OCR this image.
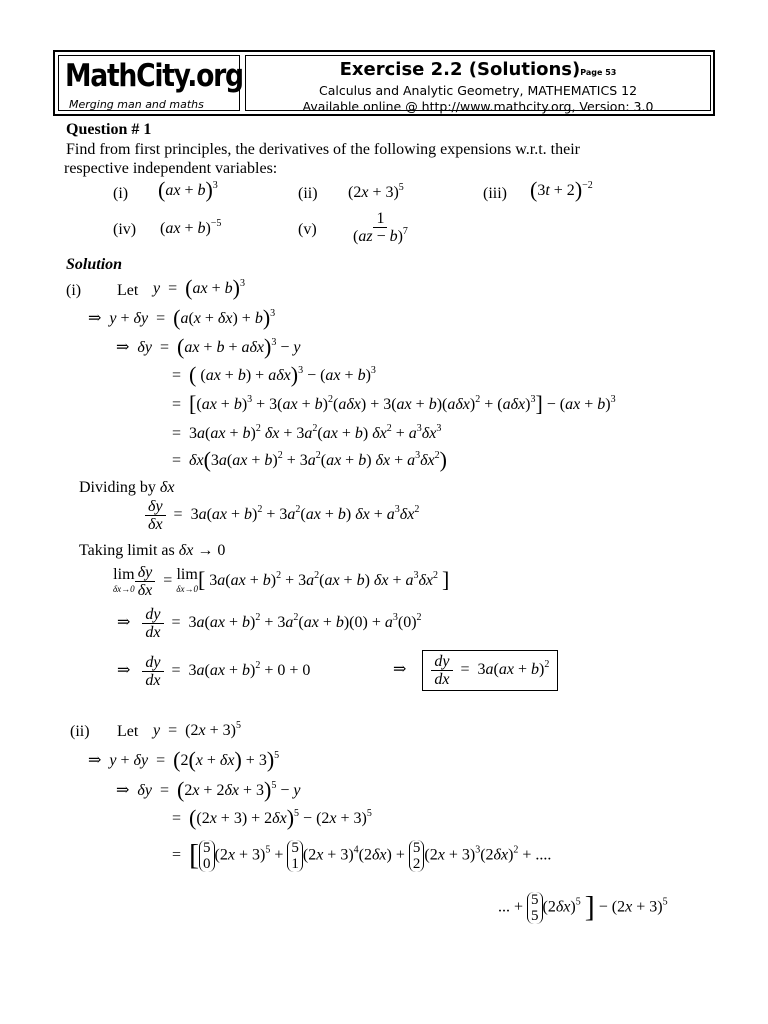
MathCity.org
Merging man and maths
Exercise 2.2 (Solutions)Page 53
Calculus and Analytic Geometry, MATHEMATICS 12
Available online @ http://www.mathcity.org, Version: 3.0
Question # 1
Find from first principles, the derivatives of the following expensions w.r.t. their
respective independent variables:
(i) (ax + b)$^3$	(ii) $(2x + 3)^5$	(iii) $(3t + 2)^{-2}$
(iv) (ax + b)$^{-5}$	$(v) \frac{1}{(az - b)^7}$
Solution
(i) Let y  =  (ax + b)$^3$
⇒  $y + \delta y = (a(x + \delta x) + b)^3$
⇒  δy  =  (ax + b + aδx)$^3$ − y
=  ( (ax + b) + aδx)$^3$ − (ax + b)$^3$
=  $[(ax + b)^3 + 3(ax + b)^2(a\delta x) + 3(ax + b)(a\delta x)^2 + (a\delta x)^3] - (ax + b)^3$
=  3a(ax + b)$^2$ $\delta x + 3a^2(ax + b) \delta x^2 + a^3\delta x^3$
=  $\delta x(3a(ax + b)^2 + 3a^2(ax + b) \delta x + a^3\delta x^2)$
Dividing by δx
$\frac{\delta y}{\delta x} = 3a(ax + b)^2 + 3a^2(ax + b) \delta x + a^3\delta x^2$
Taking limit as δx → 0
lim
$\delta x\to 0 \frac{\delta y}{\delta x} = \lim$
δx→0 [ $3a(ax + b)^2 + 3a^2(ax + b) \delta x + a^3\delta x^2$ ]
⇒ $\frac{dy}{dx} = 3a(ax + b)^2 + 3a^2(ax + b)(0) + a^3(0)^2$
⇒ $\frac{dy}{dx} = 3a(ax + b)^2 + 0 + 0$	⇒ $\frac{dy}{dx} = 3a(ax + b)^2$
(ii) Let $y = (2x + 3)^5$
⇒  $y + \delta y = (2(x + \delta x) + 3)^5$
⇒  $\delta y = (2x + 2\delta x + 3)^5 - y$
=  $((2x + 3) + 2\delta x)^5 - (2x + 3)^5$
=  [ 5
0
$(2x + 3)^5 + 5$
1
$(2x + 3)^4(2\delta x) + 5$
2
$(2x + 3)^3(2\delta x)^2$ + ....
... + 5
5
$(2\delta x)^5$ ] − $(2x + 3)^5$
